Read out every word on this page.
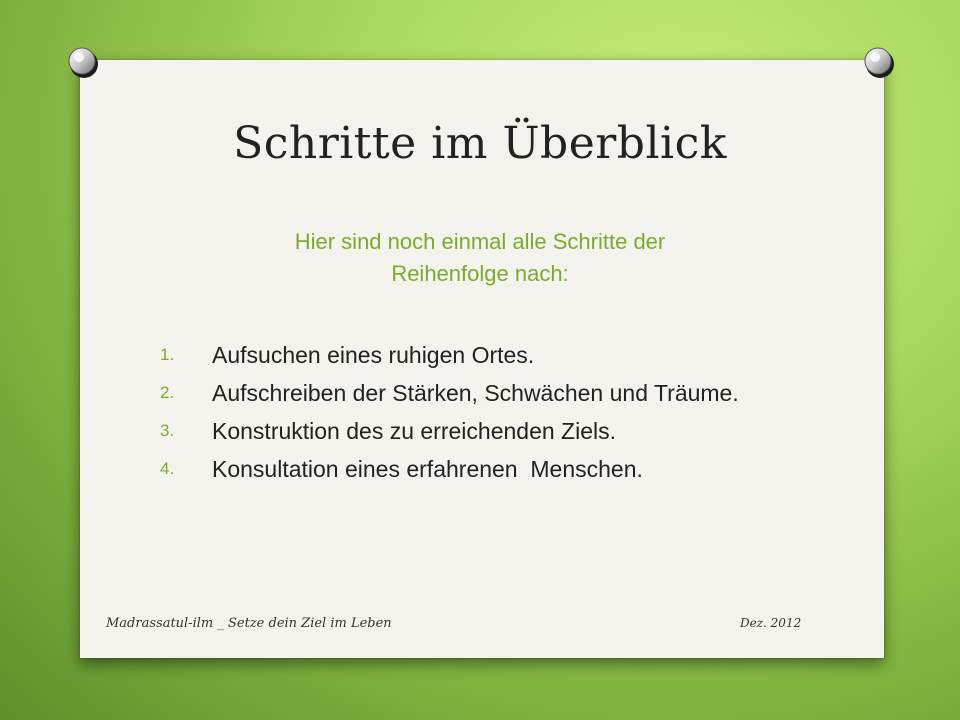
Schritte im Überblick
Hier sind noch einmal alle Schritte der
Reihenfolge nach:
1.	Aufsuchen eines ruhigen Ortes.
2.	Aufschreiben der Stärken, Schwächen und Träume.
3.	Konstruktion des zu erreichenden Ziels.
4.	Konsultation eines erfahrenen  Menschen.
Madrassatul-ilm _ Setze dein Ziel im Leben	Dez. 2012
